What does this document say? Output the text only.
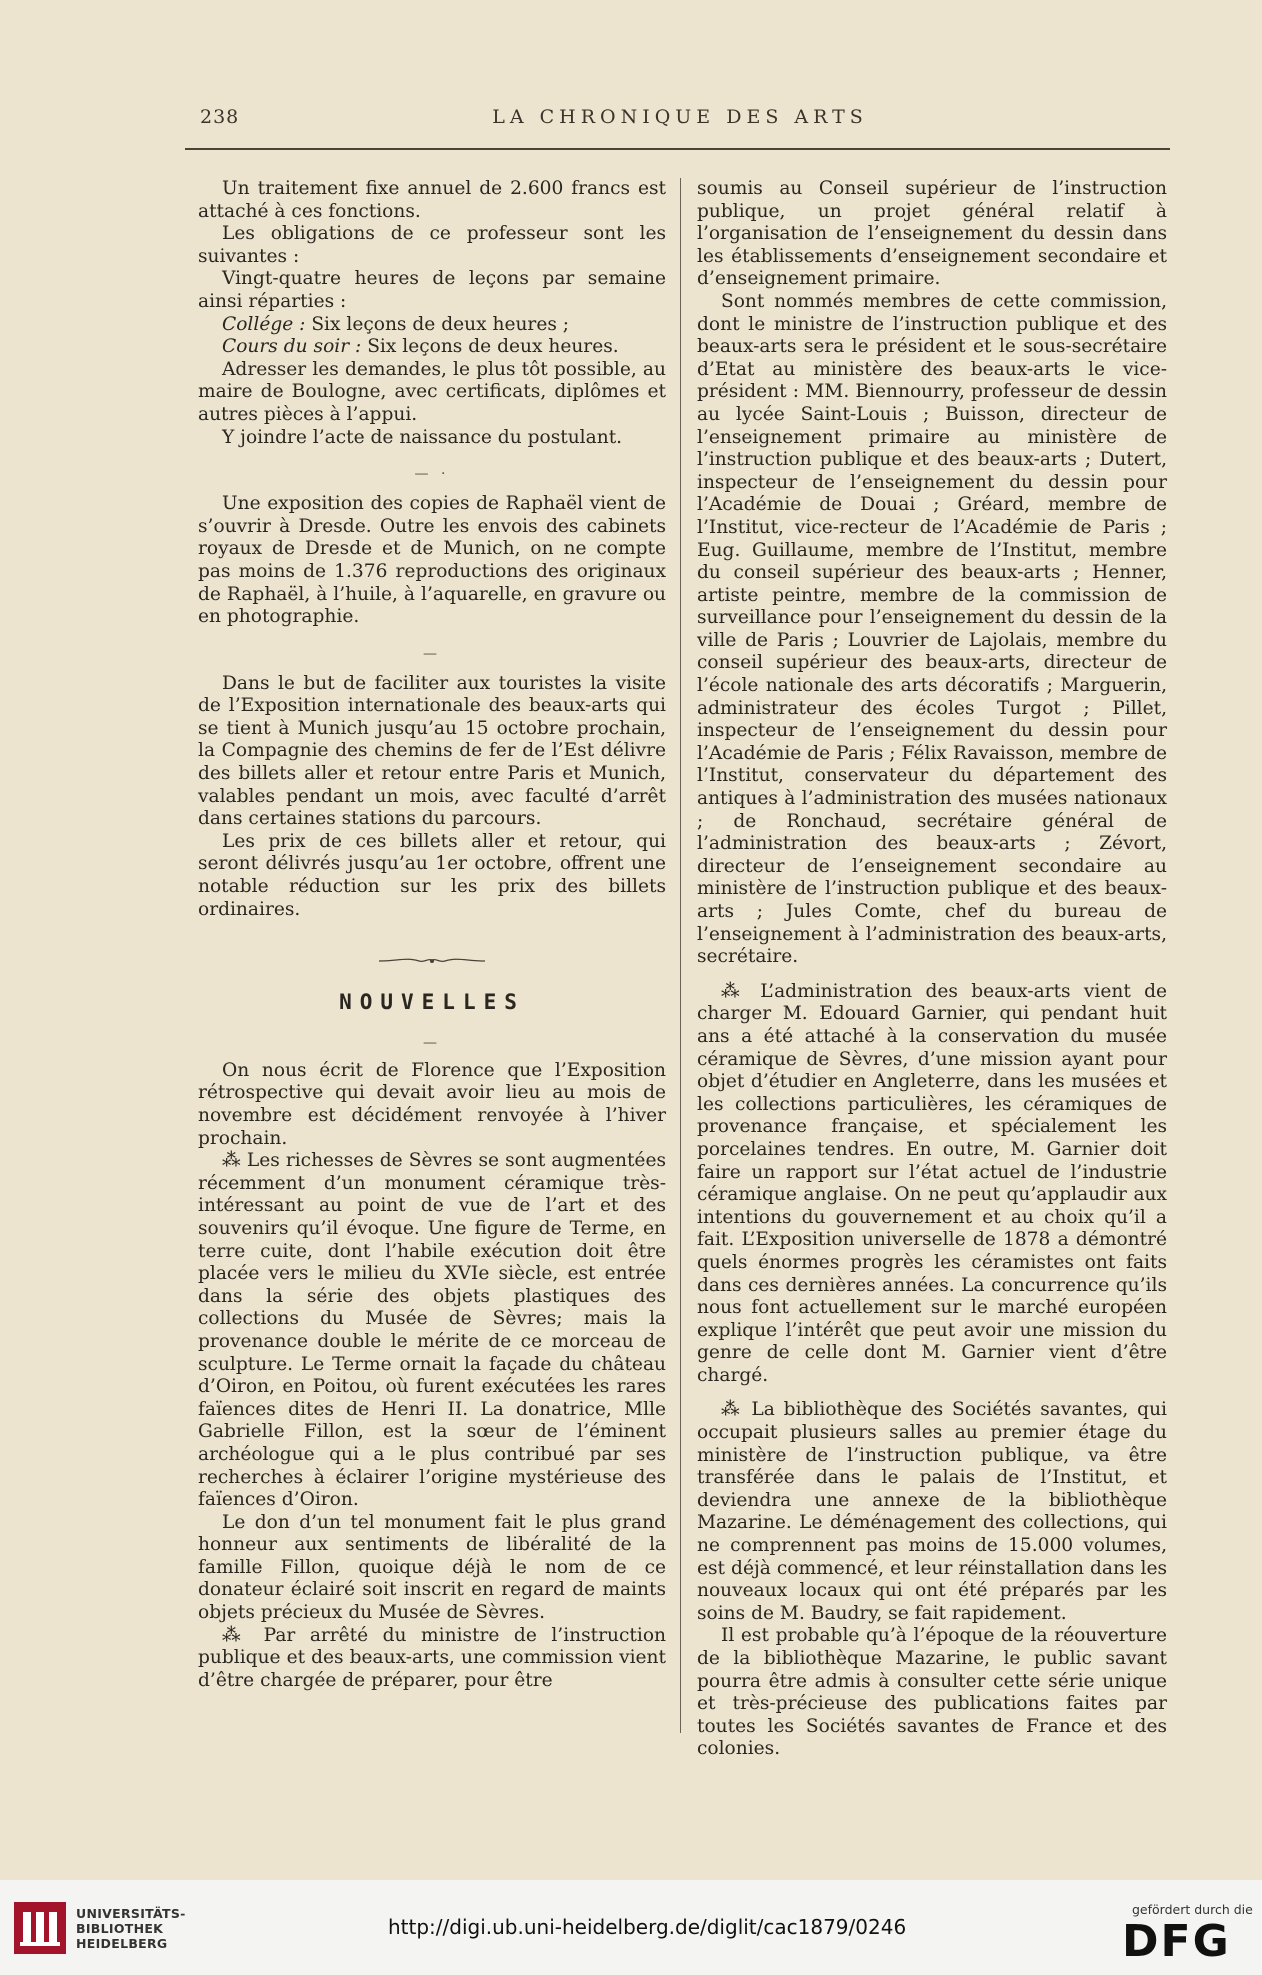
238	LA CHRONIQUE DES ARTS

Un traitement fixe annuel de 2.600 francs est attaché à ces fonctions.

Les obligations de ce professeur sont les suivantes :

Vingt-quatre heures de leçons par semaine ainsi réparties :

Collége : Six leçons de deux heures ;

Cours du soir : Six leçons de deux heures.

Adresser les demandes, le plus tôt possible, au maire de Boulogne, avec certificats, diplômes et autres pièces à l’appui.

Y joindre l’acte de naissance du postulant.

— ·

Une exposition des copies de Raphaël vient de s’ouvrir à Dresde. Outre les envois des cabinets royaux de Dresde et de Munich, on ne compte pas moins de 1.376 reproductions des originaux de Raphaël, à l’huile, à l’aquarelle, en gravure ou en photographie.

—

Dans le but de faciliter aux touristes la visite de l’Exposition internationale des beaux-arts qui se tient à Munich jusqu’au 15 octobre prochain, la Compagnie des chemins de fer de l’Est délivre des billets aller et retour entre Paris et Munich, valables pendant un mois, avec faculté d’arrêt dans certaines stations du parcours.

Les prix de ces billets aller et retour, qui seront délivrés jusqu’au 1er octobre, offrent une notable réduction sur les prix des billets ordinaires.

NOUVELLES
—

On nous écrit de Florence que l’Exposition rétrospective qui devait avoir lieu au mois de novembre est décidément renvoyée à l’hiver prochain.

⁂ Les richesses de Sèvres se sont augmentées récemment d’un monument céramique très-intéressant au point de vue de l’art et des souvenirs qu’il évoque. Une figure de Terme, en terre cuite, dont l’habile exécution doit être placée vers le milieu du XVIe siècle, est entrée dans la série des objets plastiques des collections du Musée de Sèvres; mais la provenance double le mérite de ce morceau de sculpture. Le Terme ornait la façade du château d’Oiron, en Poitou, où furent exécutées les rares faïences dites de Henri II. La donatrice, Mlle Gabrielle Fillon, est la sœur de l’éminent archéologue qui a le plus contribué par ses recherches à éclairer l’origine mystérieuse des faïences d’Oiron.

Le don d’un tel monument fait le plus grand honneur aux sentiments de libéralité de la famille Fillon, quoique déjà le nom de ce donateur éclairé soit inscrit en regard de maints objets précieux du Musée de Sèvres.

⁂ Par arrêté du ministre de l’instruction publique et des beaux-arts, une commission vient d’être chargée de préparer, pour être

soumis au Conseil supérieur de l’instruction publique, un projet général relatif à l’organisation de l’enseignement du dessin dans les établissements d’enseignement secondaire et d’enseignement primaire.

Sont nommés membres de cette commission, dont le ministre de l’instruction publique et des beaux-arts sera le président et le sous-secrétaire d’Etat au ministère des beaux-arts le vice-président : MM. Biennourry, professeur de dessin au lycée Saint-Louis ; Buisson, directeur de l’enseignement primaire au ministère de l’instruction publique et des beaux-arts ; Dutert, inspecteur de l’enseignement du dessin pour l’Académie de Douai ; Gréard, membre de l’Institut, vice-recteur de l’Académie de Paris ; Eug. Guillaume, membre de l’Institut, membre du conseil supérieur des beaux-arts ; Henner, artiste peintre, membre de la commission de surveillance pour l’enseignement du dessin de la ville de Paris ; Louvrier de Lajolais, membre du conseil supérieur des beaux-arts, directeur de l’école nationale des arts décoratifs ; Marguerin, administrateur des écoles Turgot ; Pillet, inspecteur de l’enseignement du dessin pour l’Académie de Paris ; Félix Ravaisson, membre de l’Institut, conservateur du département des antiques à l’administration des musées nationaux ; de Ronchaud, secrétaire général de l’administration des beaux-arts ; Zévort, directeur de l’enseignement secondaire au ministère de l’instruction publique et des beaux-arts ; Jules Comte, chef du bureau de l’enseignement à l’administration des beaux-arts, secrétaire.

⁂ L’administration des beaux-arts vient de charger M. Edouard Garnier, qui pendant huit ans a été attaché à la conservation du musée céramique de Sèvres, d’une mission ayant pour objet d’étudier en Angleterre, dans les musées et les collections particulières, les céramiques de provenance française, et spécialement les porcelaines tendres. En outre, M. Garnier doit faire un rapport sur l’état actuel de l’industrie céramique anglaise. On ne peut qu’applaudir aux intentions du gouvernement et au choix qu’il a fait. L’Exposition universelle de 1878 a démontré quels énormes progrès les céramistes ont faits dans ces dernières années. La concurrence qu’ils nous font actuellement sur le marché européen explique l’intérêt que peut avoir une mission du genre de celle dont M. Garnier vient d’être chargé.

⁂ La bibliothèque des Sociétés savantes, qui occupait plusieurs salles au premier étage du ministère de l’instruction publique, va être transférée dans le palais de l’Institut, et deviendra une annexe de la bibliothèque Mazarine. Le déménagement des collections, qui ne comprennent pas moins de 15.000 volumes, est déjà commencé, et leur réinstallation dans les nouveaux locaux qui ont été préparés par les soins de M. Baudry, se fait rapidement.

Il est probable qu’à l’époque de la réouverture de la bibliothèque Mazarine, le public savant pourra être admis à consulter cette série unique et très-précieuse des publications faites par toutes les Sociétés savantes de France et des colonies.

UNIVERSITÄTS-
BIBLIOTHEK
HEIDELBERG
http://digi.ub.uni-heidelberg.de/diglit/cac1879/0246
gefördert durch die
DFG
